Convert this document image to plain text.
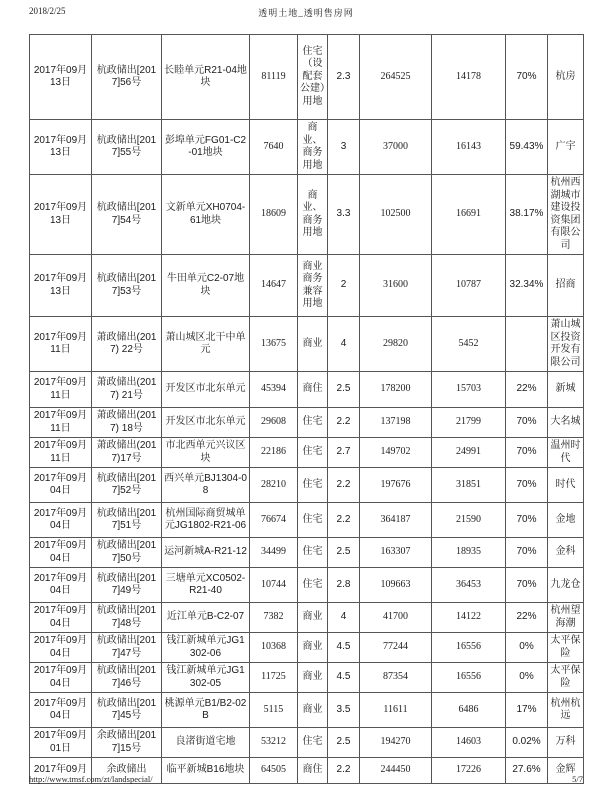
2018/2/25	透明土地_透明售房网
2017年09月13日	杭政储出[2017]56号	长睦单元R21-04地块	81119	住宅（设配套公建）用地	2.3	264525	14178	70%	杭房
2017年09月13日	杭政储出[2017]55号	彭埠单元FG01-C2-01地块	7640	商业、商务用地	3	37000	16143	59.43%	广宇
2017年09月13日	杭政储出[2017]54号	文新单元XH0704-61地块	18609	商业、商务用地	3.3	102500	16691	38.17%	杭州西湖城市建设投资集团有限公司
2017年09月13日	杭政储出[2017]53号	牛田单元C2-07地块	14647	商业商务兼容用地	2	31600	10787	32.34%	招商
2017年09月11日	萧政储出(2017) 22号	萧山城区北干中单元	13675	商业	4	29820	5452		萧山城区投资开发有限公司
2017年09月11日	萧政储出(2017) 21号	开发区市北东单元	45394	商住	2.5	178200	15703	22%	新城
2017年09月11日	萧政储出(2017) 18号	开发区市北东单元	29608	住宅	2.2	137198	21799	70%	大名城
2017年09月11日	萧政储出(2017)17号	市北西单元兴议区块	22186	住宅	2.7	149702	24991	70%	温州时代
2017年09月04日	杭政储出[2017]52号	西兴单元BJ1304-08	28210	住宅	2.2	197676	31851	70%	时代
2017年09月04日	杭政储出[2017]51号	杭州国际商贸城单元JG1802-R21-06	76674	住宅	2.2	364187	21590	70%	金地
2017年09月04日	杭政储出[2017]50号	运河新城A-R21-12	34499	住宅	2.5	163307	18935	70%	金科
2017年09月04日	杭政储出[2017]49号	三塘单元XC0502-R21-40	10744	住宅	2.8	109663	36453	70%	九龙仓
2017年09月04日	杭政储出[2017]48号	近江单元B-C2-07	7382	商业	4	41700	14122	22%	杭州望海潮
2017年09月04日	杭政储出[2017]47号	钱江新城单元JG1302-06	10368	商业	4.5	77244	16556	0%	太平保险
2017年09月04日	杭政储出[2017]46号	钱江新城单元JG1302-05	11725	商业	4.5	87354	16556	0%	太平保险
2017年09月04日	杭政储出[2017]45号	桃源单元B1/B2-02B	5115	商业	3.5	11611	6486	17%	杭州杭远
2017年09月01日	余政储出[2017]15号	良渚街道宅地	53212	住宅	2.5	194270	14603	0.02%	万科
2017年09月	余政储出	临平新城B16地块	64505	商住	2.2	244450	17226	27.6%	金辉
http://www.tmsf.com/zt/landspecial/	5/7
